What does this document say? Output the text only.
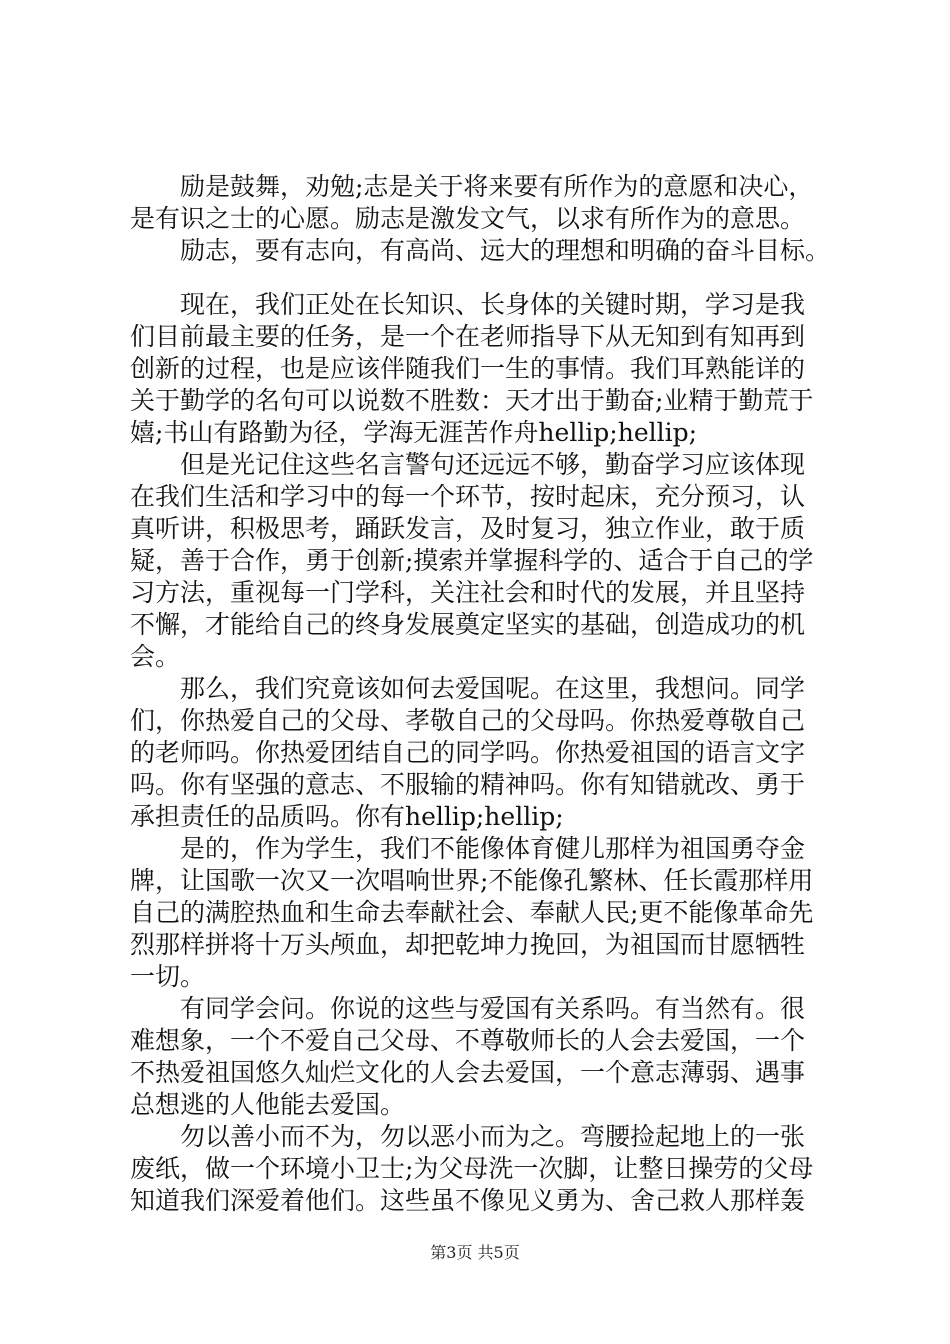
　　励是鼓舞，劝勉;志是关于将来要有所作为的意愿和决心，
是有识之士的心愿。励志是激发文气，以求有所作为的意思。
　　励志，要有志向，有高尚、远大的理想和明确的奋斗目标。
　　现在，我们正处在长知识、长身体的关键时期，学习是我
们目前最主要的任务，是一个在老师指导下从无知到有知再到
创新的过程，也是应该伴随我们一生的事情。我们耳熟能详的
关于勤学的名句可以说数不胜数：天才出于勤奋;业精于勤荒于
嬉;书山有路勤为径，学海无涯苦作舟hellip;hellip;
　　但是光记住这些名言警句还远远不够，勤奋学习应该体现
在我们生活和学习中的每一个环节，按时起床，充分预习，认
真听讲，积极思考，踊跃发言，及时复习，独立作业，敢于质
疑，善于合作，勇于创新;摸索并掌握科学的、适合于自己的学
习方法，重视每一门学科，关注社会和时代的发展，并且坚持
不懈，才能给自己的终身发展奠定坚实的基础，创造成功的机
会。
　　那么，我们究竟该如何去爱国呢。在这里，我想问。同学
们，你热爱自己的父母、孝敬自己的父母吗。你热爱尊敬自己
的老师吗。你热爱团结自己的同学吗。你热爱祖国的语言文字
吗。你有坚强的意志、不服输的精神吗。你有知错就改、勇于
承担责任的品质吗。你有hellip;hellip;
　　是的，作为学生，我们不能像体育健儿那样为祖国勇夺金
牌，让国歌一次又一次唱响世界;不能像孔繁林、任长霞那样用
自己的满腔热血和生命去奉献社会、奉献人民;更不能像革命先
烈那样拼将十万头颅血，却把乾坤力挽回，为祖国而甘愿牺牲
一切。
　　有同学会问。你说的这些与爱国有关系吗。有当然有。很
难想象，一个不爱自己父母、不尊敬师长的人会去爱国，一个
不热爱祖国悠久灿烂文化的人会去爱国，一个意志薄弱、遇事
总想逃的人他能去爱国。
　　勿以善小而不为，勿以恶小而为之。弯腰捡起地上的一张
废纸，做一个环境小卫士;为父母洗一次脚，让整日操劳的父母
知道我们深爱着他们。这些虽不像见义勇为、舍己救人那样轰
第3页 共5页
